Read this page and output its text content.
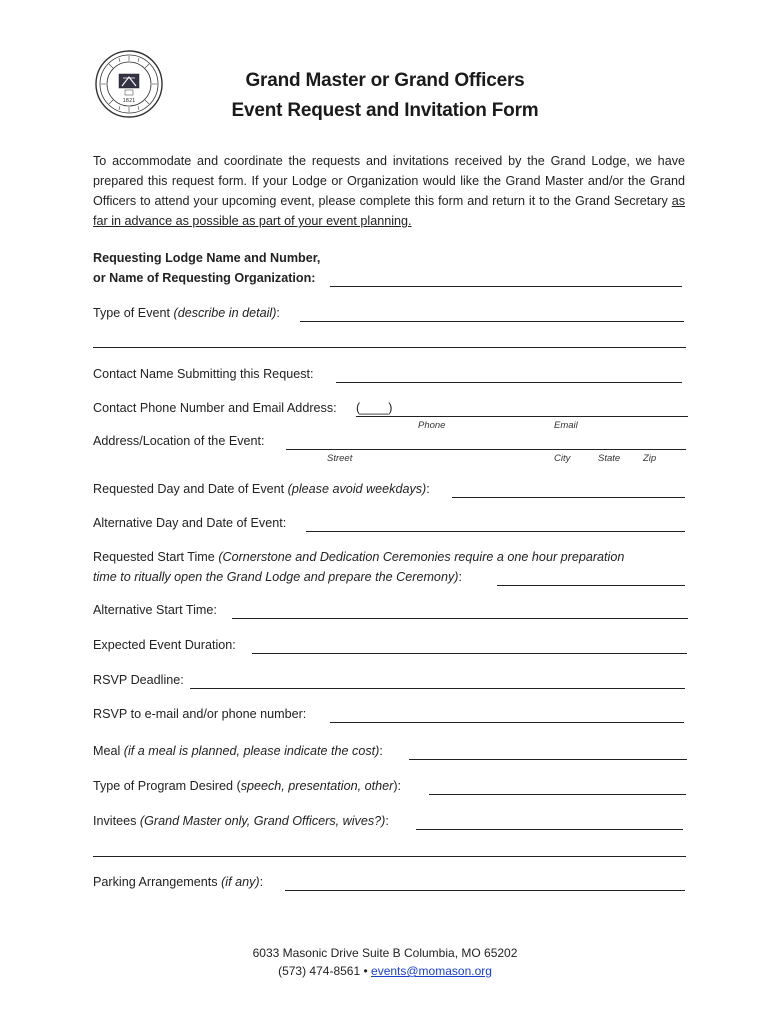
1821
Grand Master or Grand Officers
Event Request and Invitation Form
To accommodate and coordinate the requests and invitations received by the Grand Lodge, we have prepared this request form. If your Lodge or Organization would like the Grand Master and/or the Grand Officers to attend your upcoming event, please complete this form and return it to the Grand Secretary as far in advance as possible as part of your event planning.
Requesting Lodge Name and Number,
or Name of Requesting Organization:
Type of Event (describe in detail):
Contact Name Submitting this Request:
Contact Phone Number and Email Address: (____)
Phone	Email
Address/Location of the Event:
Street	City	State Zip
Requested Day and Date of Event (please avoid weekdays):
Alternative Day and Date of Event:
Requested Start Time (Cornerstone and Dedication Ceremonies require a one hour preparation
time to ritually open the Grand Lodge and prepare the Ceremony):
Alternative Start Time:
Expected Event Duration:
RSVP Deadline:
RSVP to e-mail and/or phone number:
Meal (if a meal is planned, please indicate the cost):
Type of Program Desired (speech, presentation, other):
Invitees (Grand Master only, Grand Officers, wives?):
Parking Arrangements (if any):
6033 Masonic Drive Suite B Columbia, MO 65202
(573) 474-8561 • events@momason.org
